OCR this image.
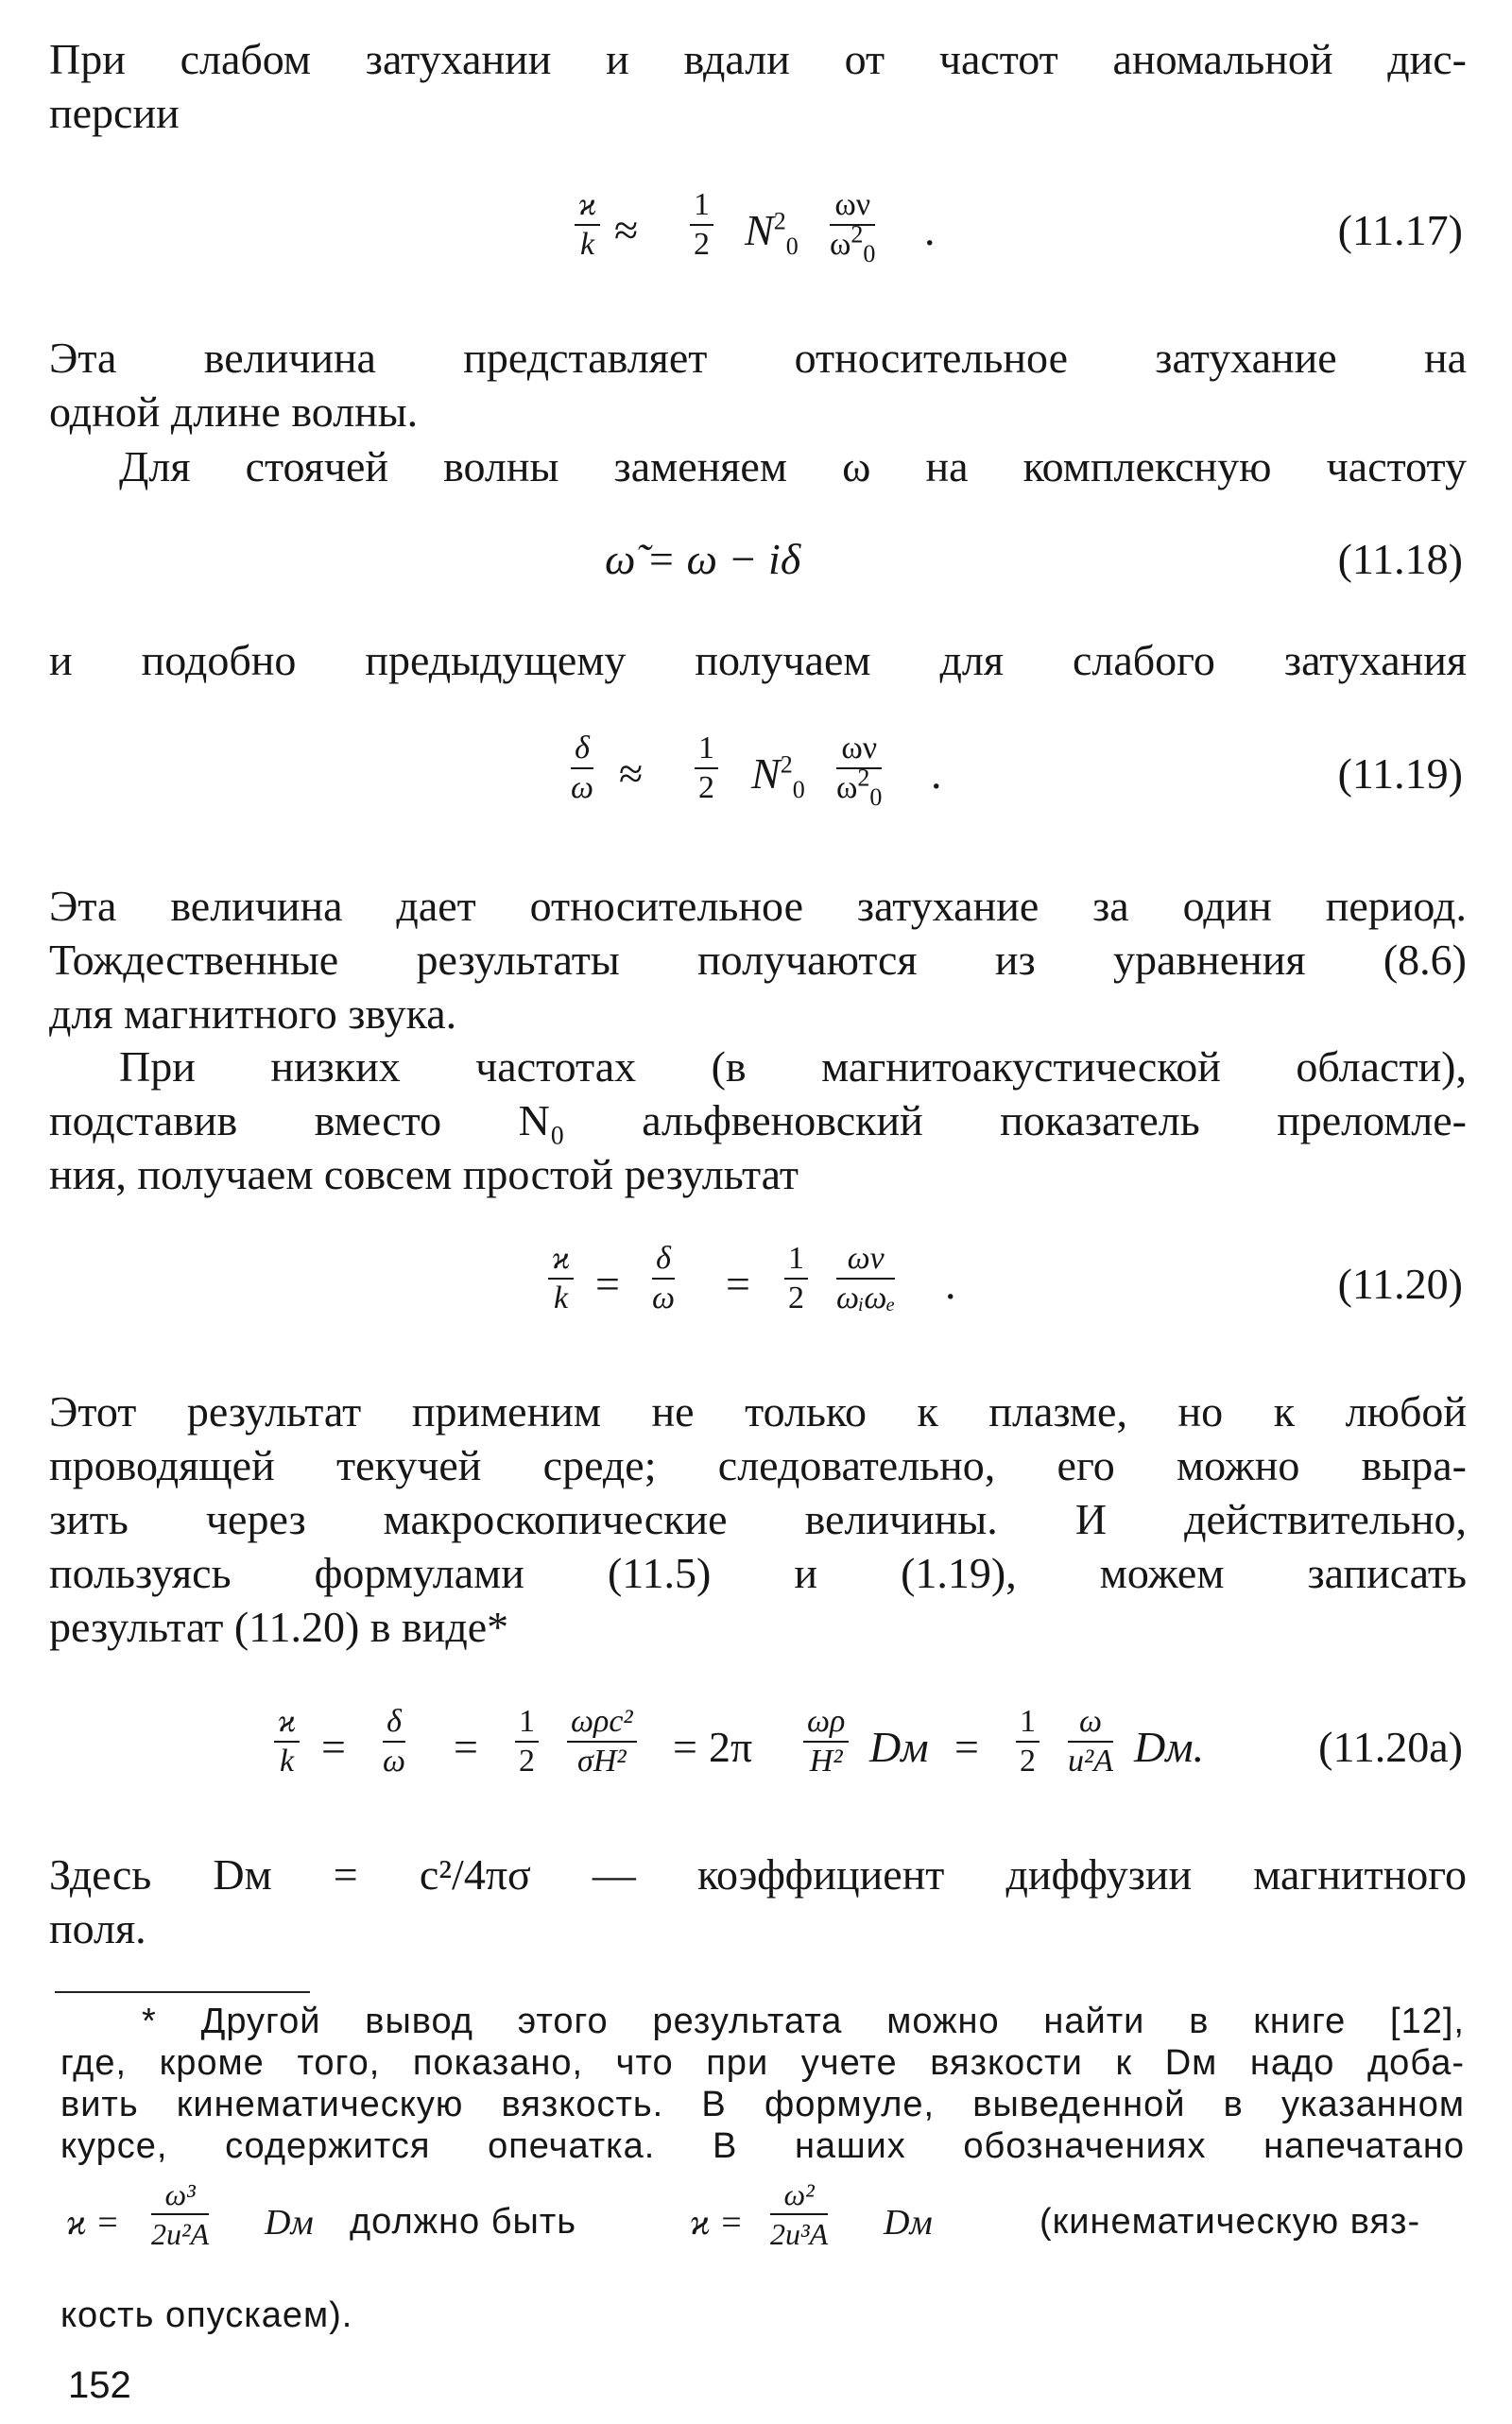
При слабом затухании и вдали от частот аномальной дис-
персии
$\frac{ϰ}{k} \approx \frac{1}{2} N^2_0 \frac{\omega\nu}{\omega^2_0}$ .	(11.17)
Эта величина представляет относительное затухание на
одной длине волны.
Для стоячей волны заменяем ω на комплексную частоту
ω̃ = ω − iδ	(11.18)
и подобно предыдущему получаем для слабого затухания
$\frac{\delta}{\omega} \approx \frac{1}{2} N^2_0 \frac{\omega\nu}{\omega^2_0}$ .	(11.19)
Эта величина дает относительное затухание за один период.
Тождественные результаты получаются из уравнения (8.6)
для магнитного звука.
При низких частотах (в магнитоакустической области),
подставив вместо N₀ альфвеновский показатель преломле-
ния, получаем совсем простой результат
$\frac{ϰ}{k} = \frac{\delta}{\omega} = \frac{1}{2}$	ων
ωᵢωₑ .	(11.20)
Этот результат применим не только к плазме, но к любой
проводящей текучей среде; следовательно, его можно выра-
зить через макроскопические величины. И действительно,
пользуясь формулами (11.5) и (1.19), можем записать
результат (11.20) в виде*
$\frac{ϰ}{k} = \frac{\delta}{\omega} = \frac{1}{2} \omega\rho c^2$
$\sigma H^2 = 2\pi \frac{\omega\rho}{\text{H²}}$ Dм = $\frac{1}{2} \frac{\omega}{\text{u²A}}$ Dм.	(11.20a)
Здесь Dм = c²/4πσ — коэффициент диффузии магнитного
поля.
* Другой вывод этого результата можно найти в книге [12],
где, кроме того, показано, что при учете вязкости к Dм надо доба-
вить кинематическую вязкость. В формуле, выведенной в указанном
курсе, содержится опечатка. В наших обозначениях напечатано
$ϰ = \frac{\text{ω³}}{\text{2u²A}}$ Dм должно быть	$ϰ = \frac{\text{ω²}}{\text{2u³A}}$ Dм	(кинематическую вяз-
кость опускаем).
152
